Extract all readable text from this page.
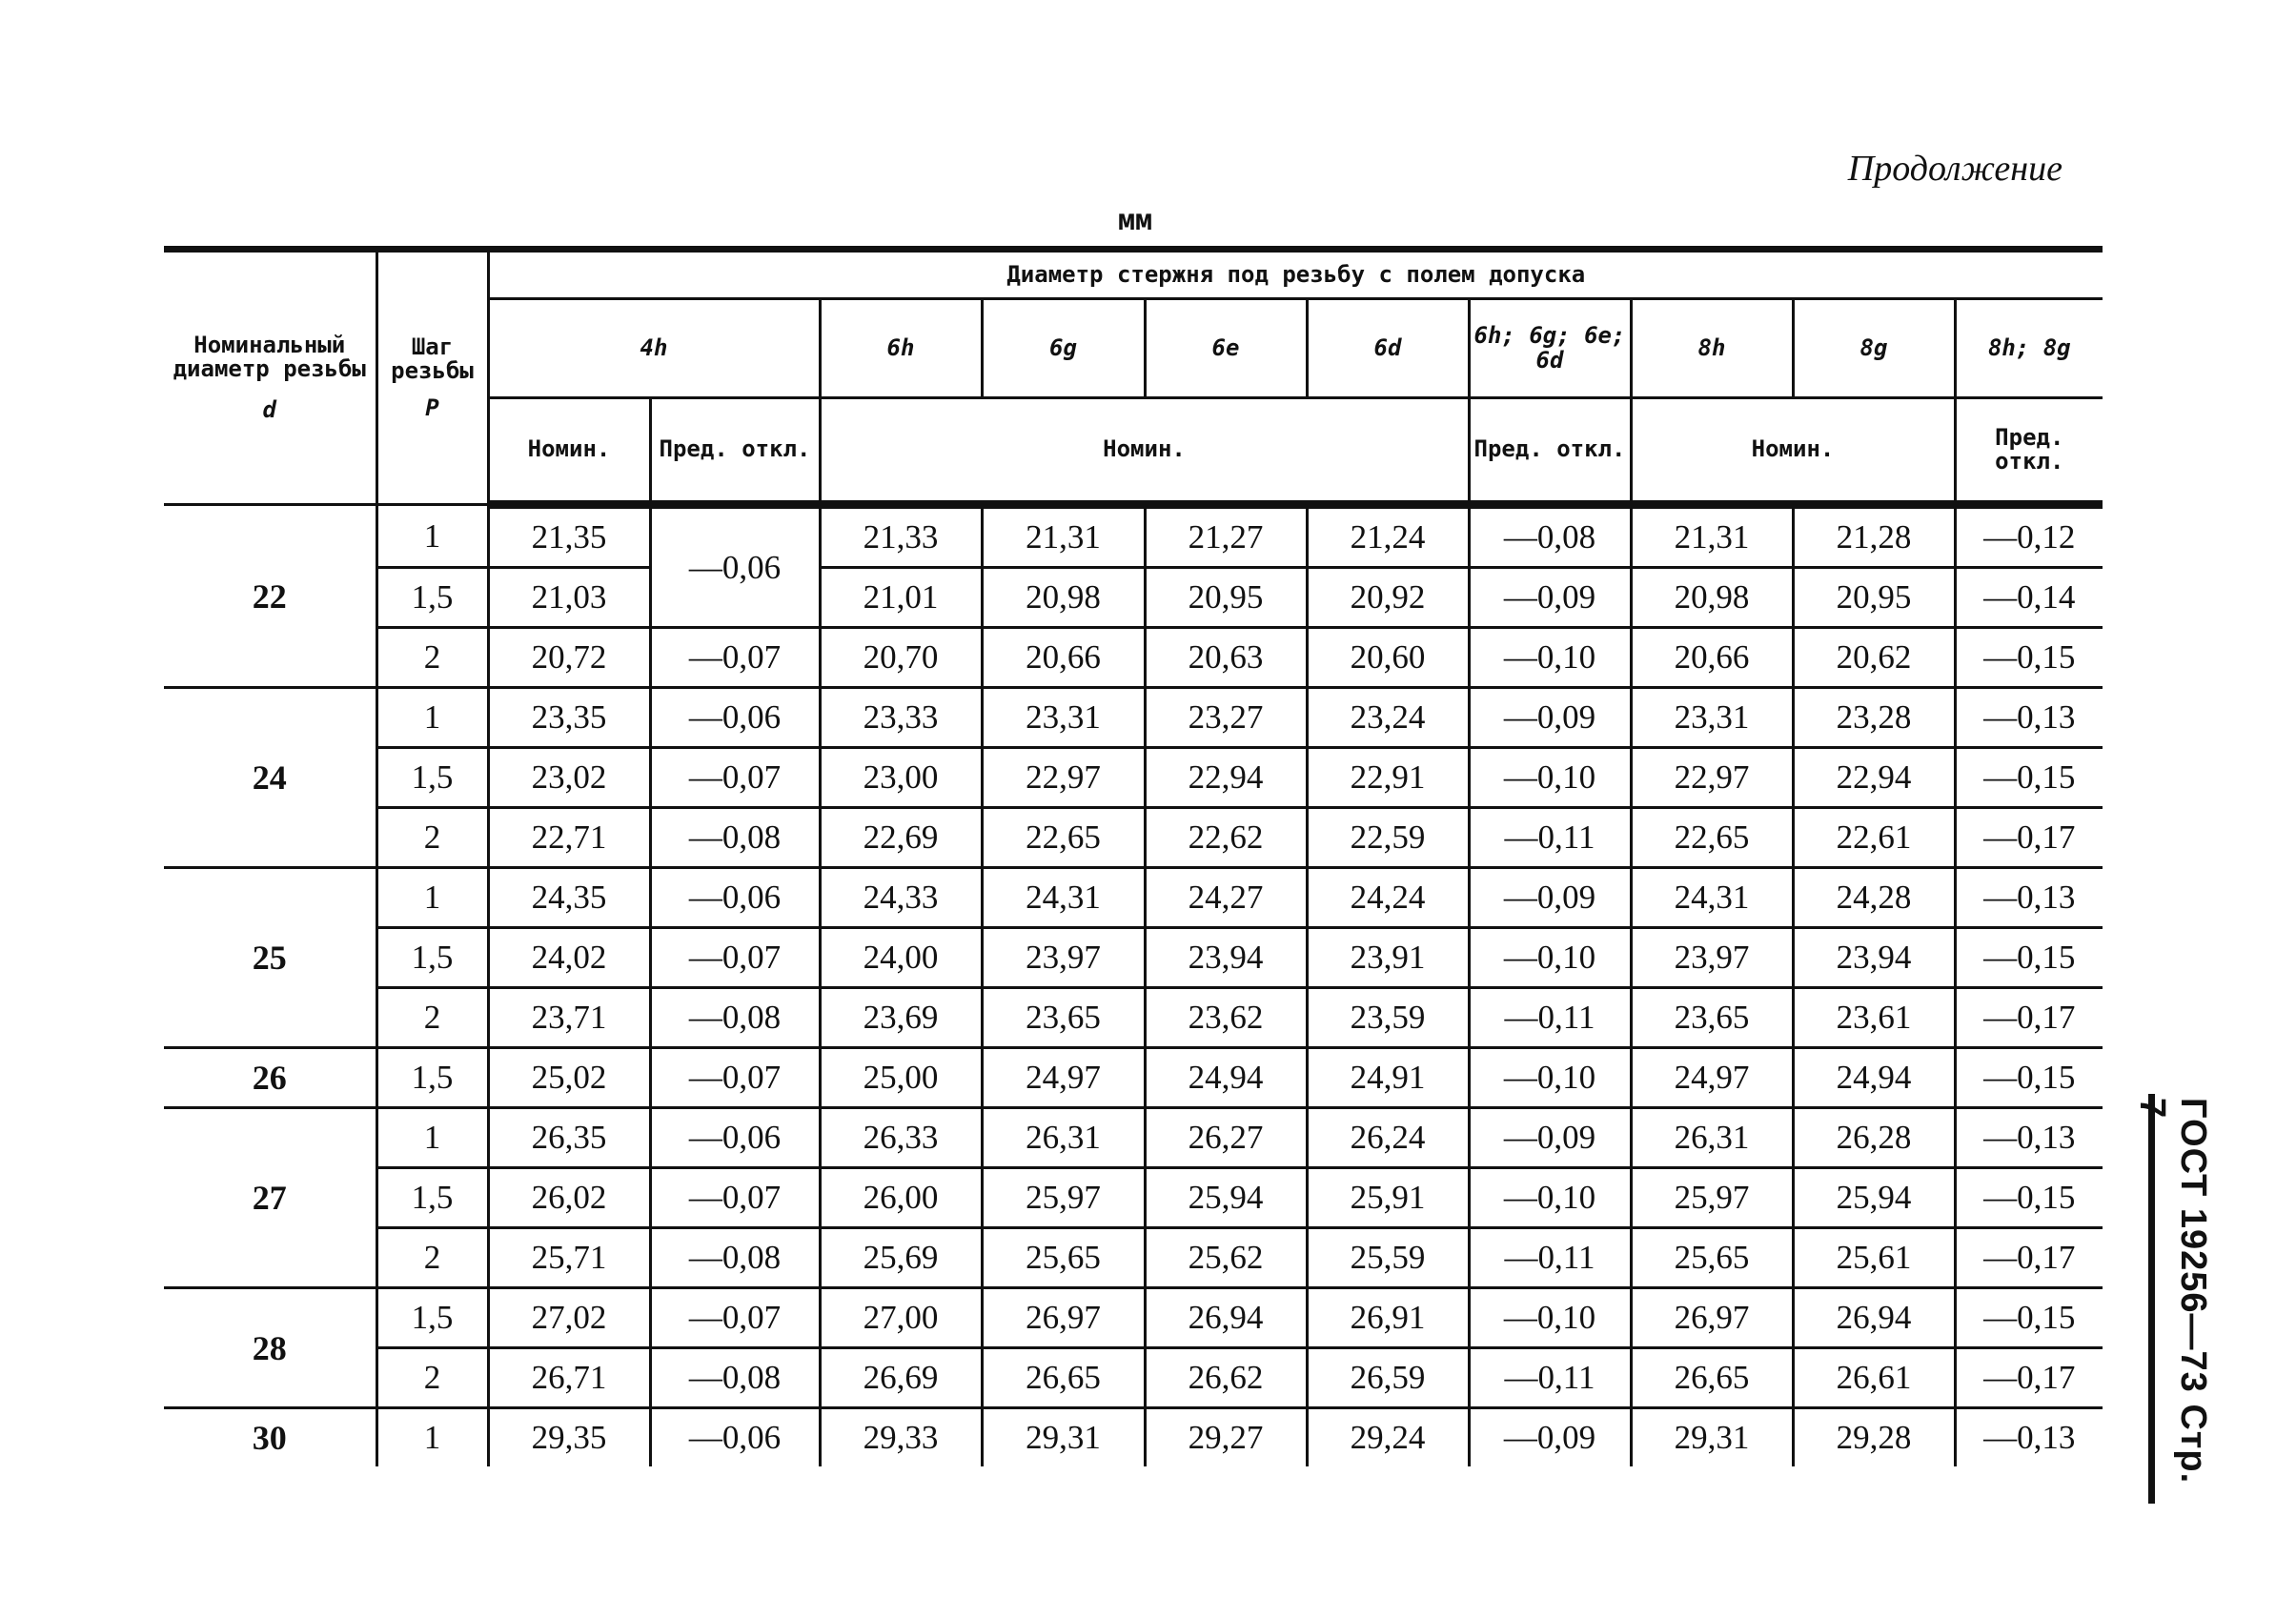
Продолжение
мм
ГОСТ 19256—73 Стр. 7
Номинальный диаметр резьбы
d	Шаг резьбы
P	Диаметр стержня под резьбу с полем допуска									
		4h		6h	6g	6e	6d	6h; 6g; 6e; 6d	8h	8g	8h; 8g
		Номин.	Пред. откл.	Номин.				Пред. откл.	Номин.		Пред. откл.
22	1	21,35	—0,06	21,33	21,31	21,27	21,24	—0,08	21,31	21,28	—0,12
	1,5	21,03		21,01	20,98	20,95	20,92	—0,09	20,98	20,95	—0,14
	2	20,72	—0,07	20,70	20,66	20,63	20,60	—0,10	20,66	20,62	—0,15
24	1	23,35	—0,06	23,33	23,31	23,27	23,24	—0,09	23,31	23,28	—0,13
	1,5	23,02	—0,07	23,00	22,97	22,94	22,91	—0,10	22,97	22,94	—0,15
	2	22,71	—0,08	22,69	22,65	22,62	22,59	—0,11	22,65	22,61	—0,17
25	1	24,35	—0,06	24,33	24,31	24,27	24,24	—0,09	24,31	24,28	—0,13
	1,5	24,02	—0,07	24,00	23,97	23,94	23,91	—0,10	23,97	23,94	—0,15
	2	23,71	—0,08	23,69	23,65	23,62	23,59	—0,11	23,65	23,61	—0,17
26	1,5	25,02	—0,07	25,00	24,97	24,94	24,91	—0,10	24,97	24,94	—0,15
27	1	26,35	—0,06	26,33	26,31	26,27	26,24	—0,09	26,31	26,28	—0,13
	1,5	26,02	—0,07	26,00	25,97	25,94	25,91	—0,10	25,97	25,94	—0,15
	2	25,71	—0,08	25,69	25,65	25,62	25,59	—0,11	25,65	25,61	—0,17
28	1,5	27,02	—0,07	27,00	26,97	26,94	26,91	—0,10	26,97	26,94	—0,15
	2	26,71	—0,08	26,69	26,65	26,62	26,59	—0,11	26,65	26,61	—0,17
30	1	29,35	—0,06	29,33	29,31	29,27	29,24	—0,09	29,31	29,28	—0,13
